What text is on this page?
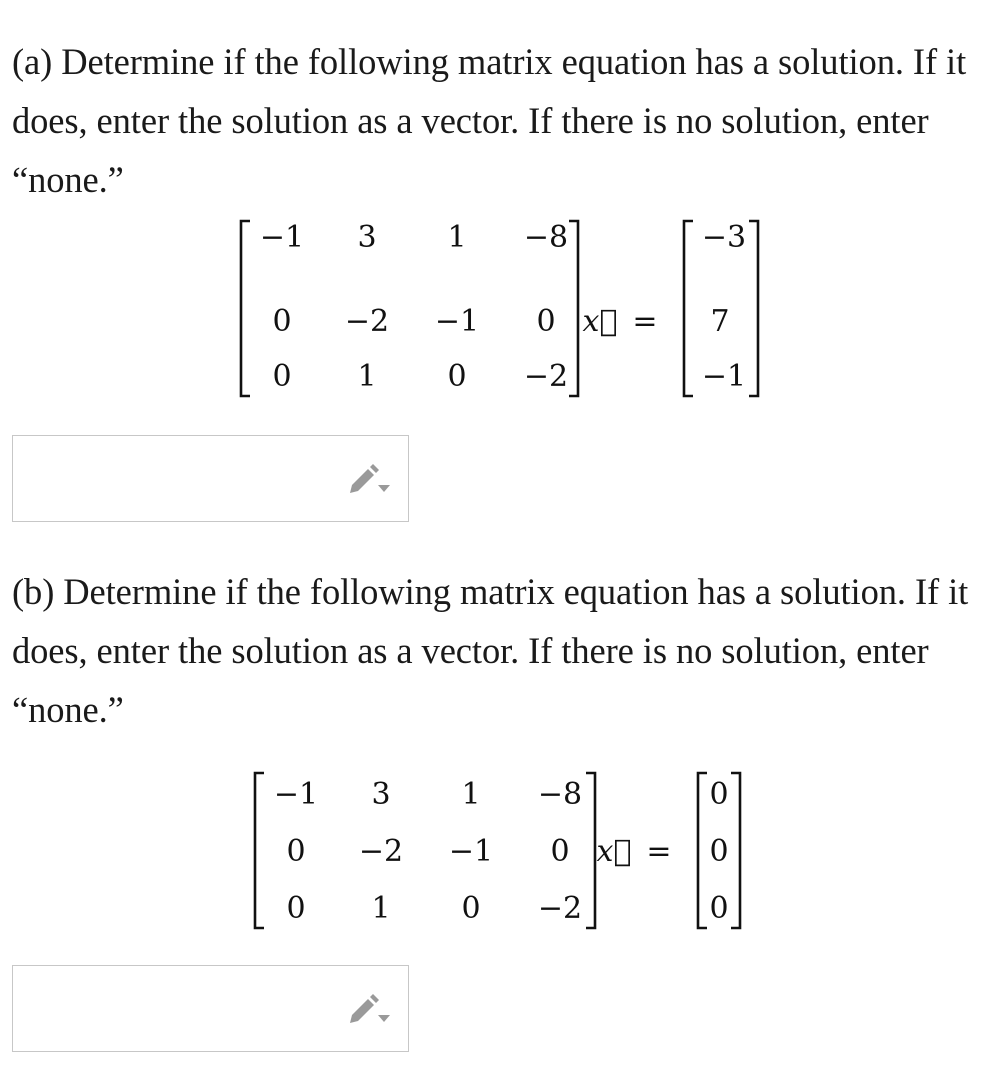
(a) Determine if the following matrix equation has a solution. If it does, enter the solution as a vector. If there is no solution, enter “none.”

−1 3 1 −8
0 −2 −1 0
0 1 0 −2
x⃗ =
−3
7
−1

(b) Determine if the following matrix equation has a solution. If it does, enter the solution as a vector. If there is no solution, enter “none.”

−1 3 1 −8
0 −2 −1 0
0 1 0 −2
x⃗ =
0
0
0
